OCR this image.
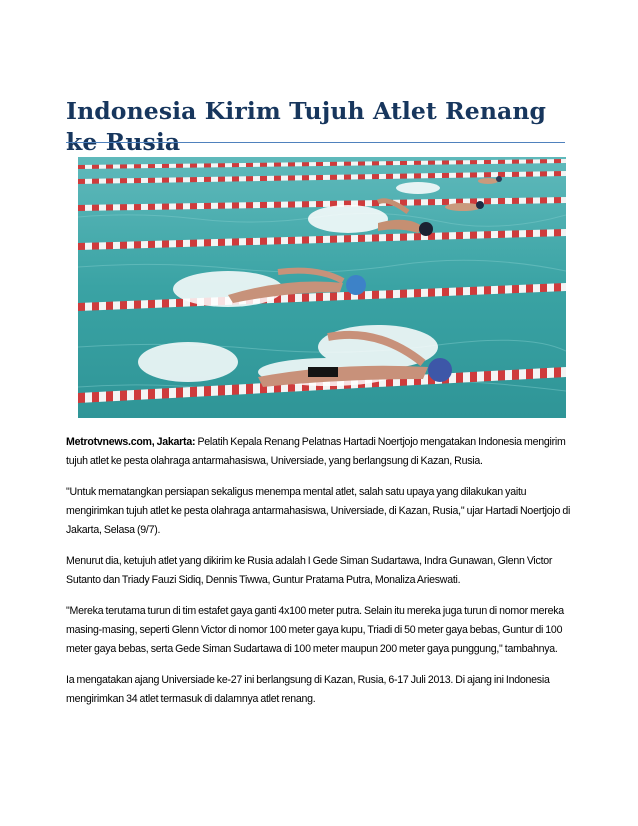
Indonesia Kirim Tujuh Atlet Renang ke Rusia

Metrotvnews.com, Jakarta: Pelatih Kepala Renang Pelatnas Hartadi Noertjojo mengatakan Indonesia mengirim tujuh atlet ke pesta olahraga antarmahasiswa, Universiade, yang berlangsung di Kazan, Rusia.

"Untuk mematangkan persiapan sekaligus menempa mental atlet, salah satu upaya yang dilakukan yaitu mengirimkan tujuh atlet ke pesta olahraga antarmahasiswa, Universiade, di Kazan, Rusia," ujar Hartadi Noertjojo di Jakarta, Selasa (9/7).

Menurut dia, ketujuh atlet yang dikirim ke Rusia adalah I Gede Siman Sudartawa, Indra Gunawan, Glenn Victor Sutanto dan Triady Fauzi Sidiq, Dennis Tiwwa, Guntur Pratama Putra, Monaliza Arieswati.

"Mereka terutama turun di tim estafet gaya ganti 4x100 meter putra. Selain itu mereka juga turun di nomor mereka masing-masing, seperti Glenn Victor di nomor 100 meter gaya kupu, Triadi di 50 meter gaya bebas, Guntur di 100 meter gaya bebas, serta Gede Siman Sudartawa di 100 meter maupun 200 meter gaya punggung," tambahnya.

Ia mengatakan ajang Universiade ke-27 ini berlangsung di Kazan, Rusia, 6-17 Juli 2013. Di ajang ini Indonesia mengirimkan 34 atlet termasuk di dalamnya atlet renang.
